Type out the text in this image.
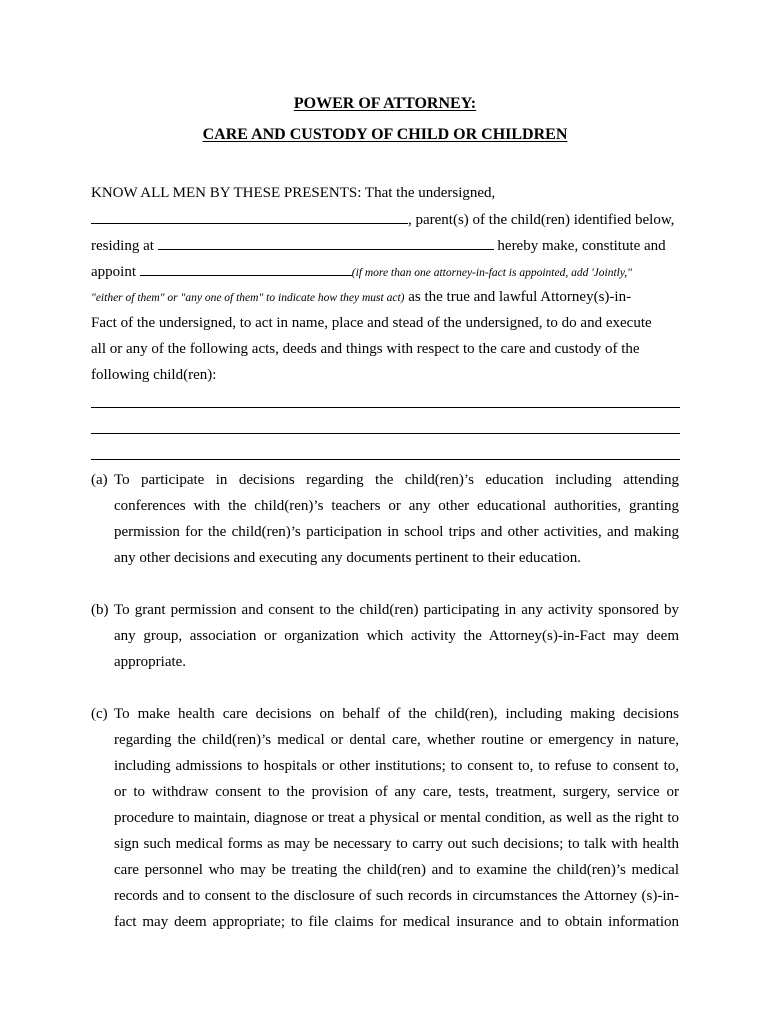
POWER OF ATTORNEY:
CARE AND CUSTODY OF CHILD OR CHILDREN
KNOW ALL MEN BY THESE PRESENTS: That the undersigned,
, parent(s) of the child(ren) identified below,
residing at	hereby make, constitute and
appoint	(if more than one attorney-in-fact is appointed, add 'Jointly,"
"either of them" or "any one of them" to indicate how they must act) as the true and lawful Attorney(s)-in-
Fact of the undersigned, to act in name, place and stead of the undersigned, to do and execute
all or any of the following acts, deeds and things with respect to the care and custody of the
following child(ren):
(a) To participate in decisions regarding the child(ren)’s education including attending
conferences with the child(ren)’s teachers or any other educational authorities, granting
permission for the child(ren)’s participation in school trips and other activities, and making
any other decisions and executing any documents pertinent to their education.
(b) To grant permission and consent to the child(ren) participating in any activity sponsored by
any group, association or organization which activity the Attorney(s)-in-Fact may deem
appropriate.
(c) To make health care decisions on behalf of the child(ren), including making decisions
regarding the child(ren)’s medical or dental care, whether routine or emergency in nature,
including admissions to hospitals or other institutions; to consent to, to refuse to consent to,
or to withdraw consent to the provision of any care, tests, treatment, surgery, service or
procedure to maintain, diagnose or treat a physical or mental condition, as well as the right to
sign such medical forms as may be necessary to carry out such decisions; to talk with health
care personnel who may be treating the child(ren) and to examine the child(ren)’s medical
records and to consent to the disclosure of such records in circumstances the Attorney (s)-in-
fact may deem appropriate; to file claims for medical insurance and to obtain information
